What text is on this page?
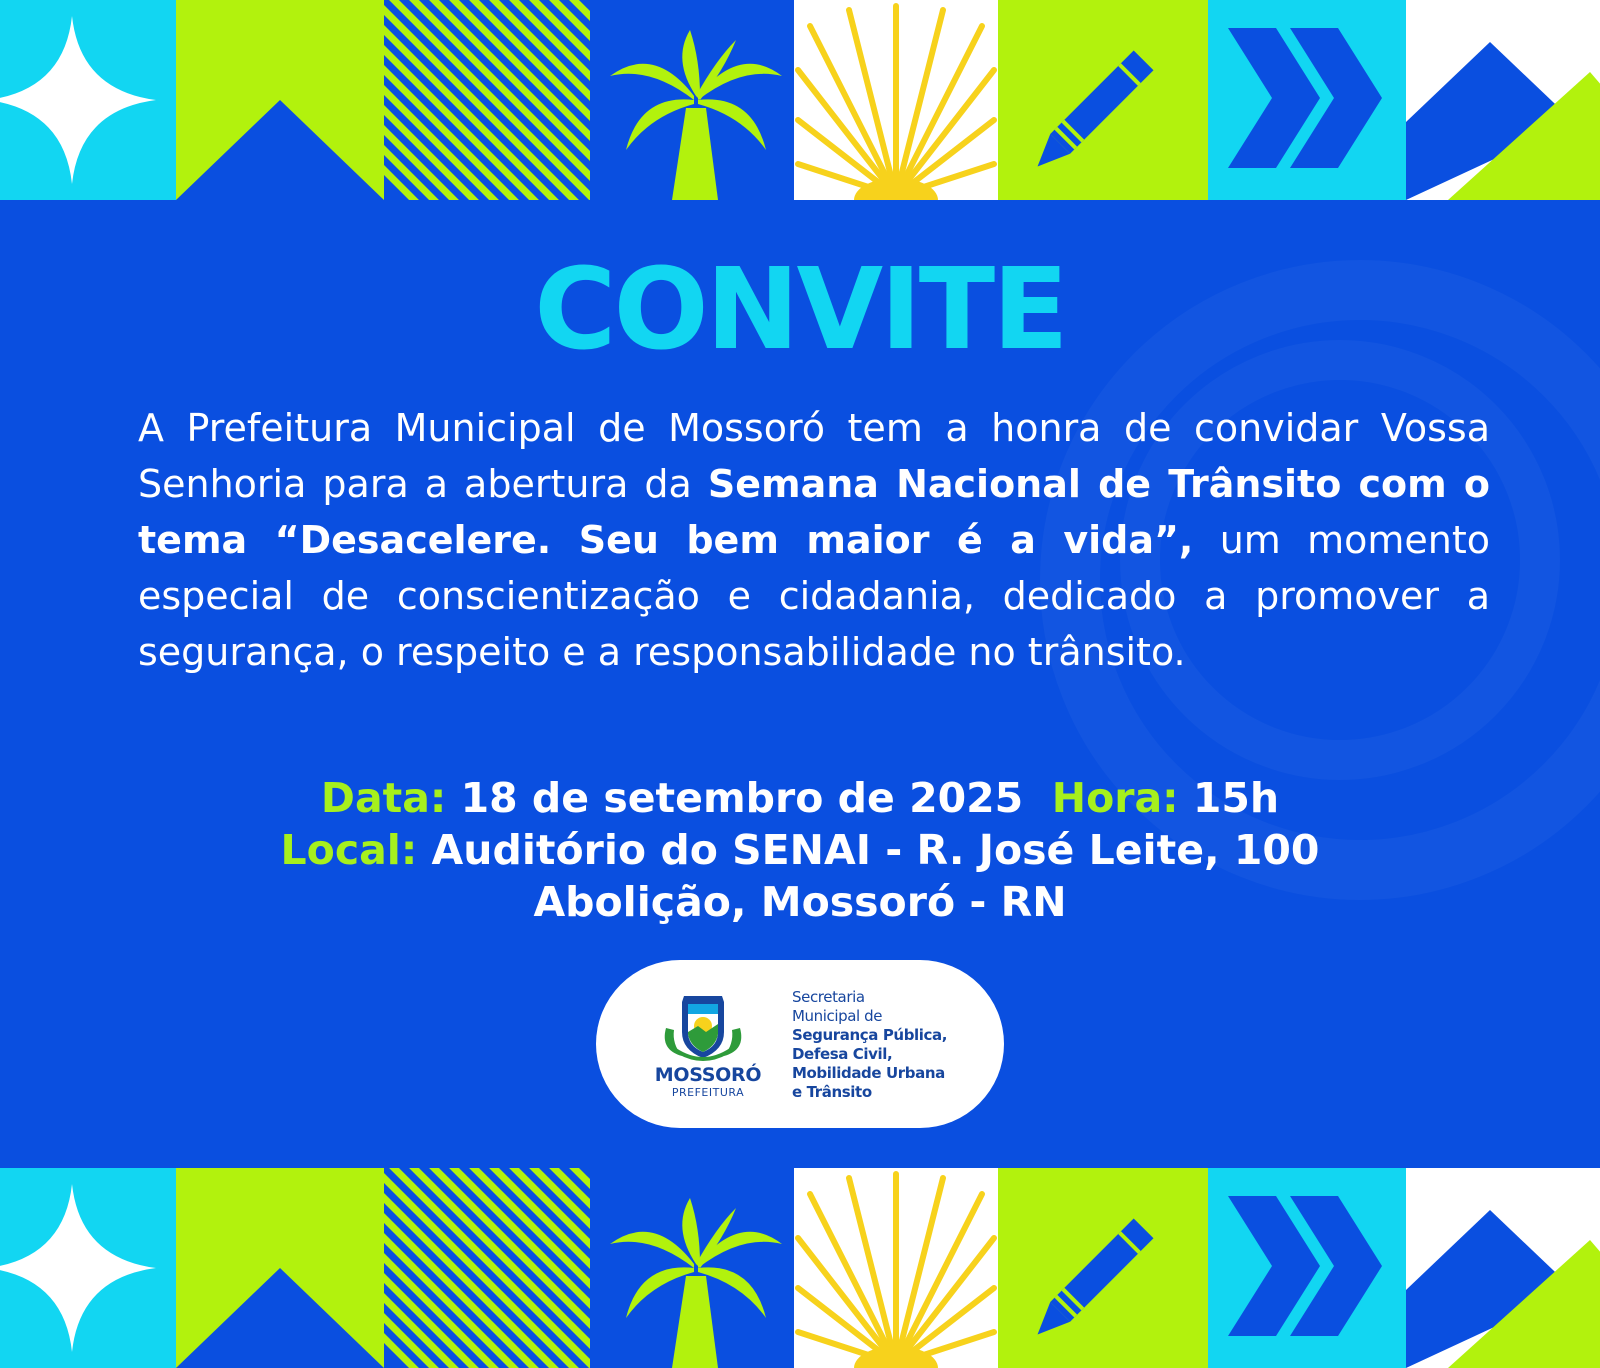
CONVITE

A Prefeitura Municipal de Mossoró tem a honra de convidar Vossa Senhoria para a abertura da Semana Nacional de Trânsito com o tema “Desacelere. Seu bem maior é a vida”, um momento especial de conscientização e cidadania, dedicado a promover a segurança, o respeito e a responsabilidade no trânsito.

Data: 18 de setembro de 2025 Hora: 15h
Local: Auditório do SENAI - R. José Leite, 100
Abolição, Mossoró - RN
MOSSORÓ
PREFEITURA
Secretaria
Municipal de
Segurança Pública,
Defesa Civil,
Mobilidade Urbana
e Trânsito
